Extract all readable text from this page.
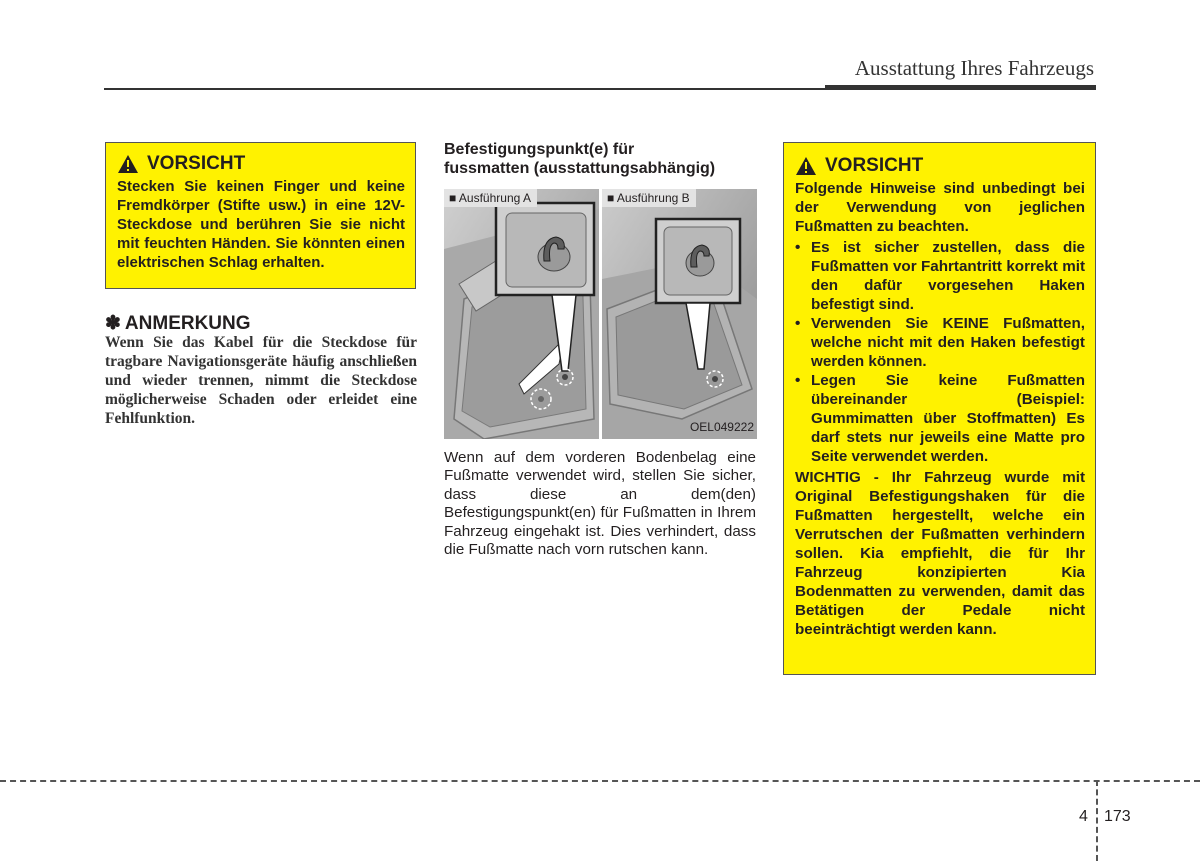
Ausstattung Ihres Fahrzeugs
VORSICHT
Stecken Sie keinen Finger und keine Fremdkörper (Stifte usw.) in eine 12V-Steckdose und berühren Sie sie nicht mit feuchten Händen. Sie könnten einen elektrischen Schlag erhalten.
✽ ANMERKUNG
Wenn Sie das Kabel für die Steckdose für tragbare Navigationsgeräte häufig anschließen und wieder trennen, nimmt die Steckdose möglicherweise Schaden oder erleidet eine Fehlfunktion.
Befestigungspunkt(e) für
fussmatten (ausstattungsabhängig)
■ Ausführung A	■ Ausführung B
OEL049222
Wenn auf dem vorderen Bodenbelag eine Fußmatte verwendet wird, stellen Sie sicher, dass diese an dem(den) Befestigungspunkt(en) für Fußmatten in Ihrem Fahrzeug eingehakt ist. Dies verhindert, dass die Fußmatte nach vorn rutschen kann.
VORSICHT
Folgende Hinweise sind unbedingt bei der Verwendung von jeglichen Fußmatten zu beachten.
• Es ist sicher zustellen, dass die Fußmatten vor Fahrtantritt korrekt mit den dafür vorgesehen Haken befestigt sind.
• Verwenden Sie KEINE Fußmatten, welche nicht mit den Haken befestigt werden können.
• Legen Sie keine Fußmatten übereinander (Beispiel: Gummimatten über Stoffmatten) Es darf stets nur jeweils eine Matte pro Seite verwendet werden.
WICHTIG - Ihr Fahrzeug wurde mit Original Befestigungshaken für die Fußmatten hergestellt, welche ein Verrutschen der Fußmatten verhindern sollen. Kia empfiehlt, die für Ihr Fahrzeug konzipierten Kia Bodenmatten zu verwenden, damit das Betätigen der Pedale nicht beeinträchtigt werden kann.
4 173
